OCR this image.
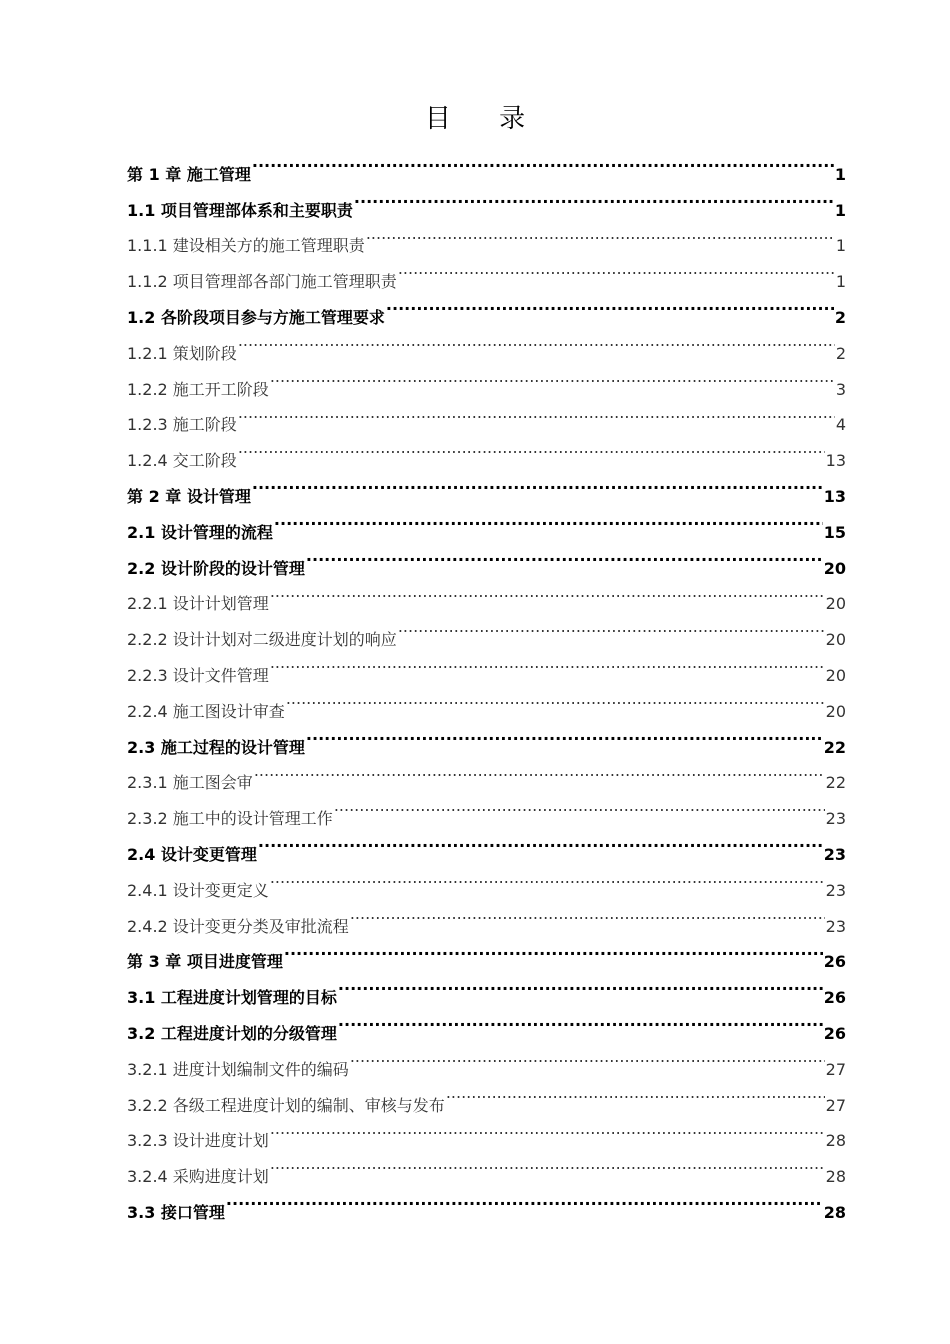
目 录
第 1 章 施工管理 .....	1
1.1 项目管理部体系和主要职责 .....	1
1.1.1 建设相关方的施工管理职责 .....	1
1.1.2 项目管理部各部门施工管理职责 .....	1
1.2 各阶段项目参与方施工管理要求 .....	2
1.2.1 策划阶段 .....	2
1.2.2 施工开工阶段 .....	3
1.2.3 施工阶段 .....	4
1.2.4 交工阶段 .....	13
第 2 章 设计管理 .....	13
2.1 设计管理的流程 .....	15
2.2 设计阶段的设计管理 .....	20
2.2.1 设计计划管理 .....	20
2.2.2 设计计划对二级进度计划的响应 .....	20
2.2.3 设计文件管理 .....	20
2.2.4 施工图设计审查 .....	20
2.3 施工过程的设计管理 .....	22
2.3.1 施工图会审 .....	22
2.3.2 施工中的设计管理工作 .....	23
2.4 设计变更管理 .....	23
2.4.1 设计变更定义 .....	23
2.4.2 设计变更分类及审批流程 .....	23
第 3 章 项目进度管理 .....	26
3.1 工程进度计划管理的目标 .....	26
3.2 工程进度计划的分级管理 .....	26
3.2.1 进度计划编制文件的编码 .....	27
3.2.2 各级工程进度计划的编制、审核与发布 .....	27
3.2.3 设计进度计划 .....	28
3.2.4 采购进度计划 .....	28
3.3 接口管理 .....	28
